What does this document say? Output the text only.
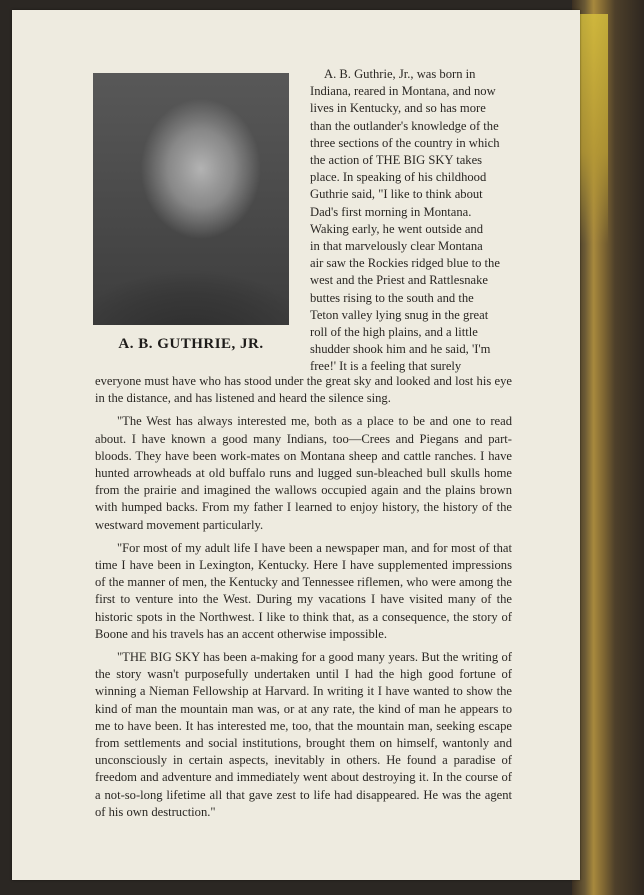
A. B. GUTHRIE, JR.

A. B. Guthrie, Jr., was born in

Indiana, reared in Montana, and now

lives in Kentucky, and so has more

than the outlander's knowledge of the

three sections of the country in which

the action of THE BIG SKY takes

place. In speaking of his childhood

Guthrie said, "I like to think about

Dad's first morning in Montana.

Waking early, he went outside and

in that marvelously clear Montana

air saw the Rockies ridged blue to the

west and the Priest and Rattlesnake

buttes rising to the south and the

Teton valley lying snug in the great

roll of the high plains, and a little

shudder shook him and he said, 'I'm

free!' It is a feeling that surely

everyone must have who has stood under the great sky and looked and lost his eye in the distance, and has listened and heard the silence sing.

"The West has always interested me, both as a place to be and one to read about. I have known a good many Indians, too—Crees and Piegans and part-bloods. They have been work-mates on Montana sheep and cattle ranches. I have hunted arrowheads at old buffalo runs and lugged sun-bleached bull skulls home from the prairie and imagined the wallows occupied again and the plains brown with humped backs. From my father I learned to enjoy history, the history of the westward movement particularly.

"For most of my adult life I have been a newspaper man, and for most of that time I have been in Lexington, Kentucky. Here I have supplemented impressions of the manner of men, the Kentucky and Tennessee riflemen, who were among the first to venture into the West. During my vacations I have visited many of the historic spots in the Northwest. I like to think that, as a consequence, the story of Boone and his travels has an accent otherwise impossible.

"THE BIG SKY has been a-making for a good many years. But the writing of the story wasn't purposefully undertaken until I had the high good fortune of winning a Nieman Fellowship at Harvard. In writing it I have wanted to show the kind of man the mountain man was, or at any rate, the kind of man he appears to me to have been. It has interested me, too, that the mountain man, seeking escape from settlements and social institutions, brought them on himself, wantonly and unconsciously in certain aspects, inevitably in others. He found a paradise of freedom and adventure and immediately went about destroying it. In the course of a not-so-long lifetime all that gave zest to life had disappeared. He was the agent of his own destruction."
